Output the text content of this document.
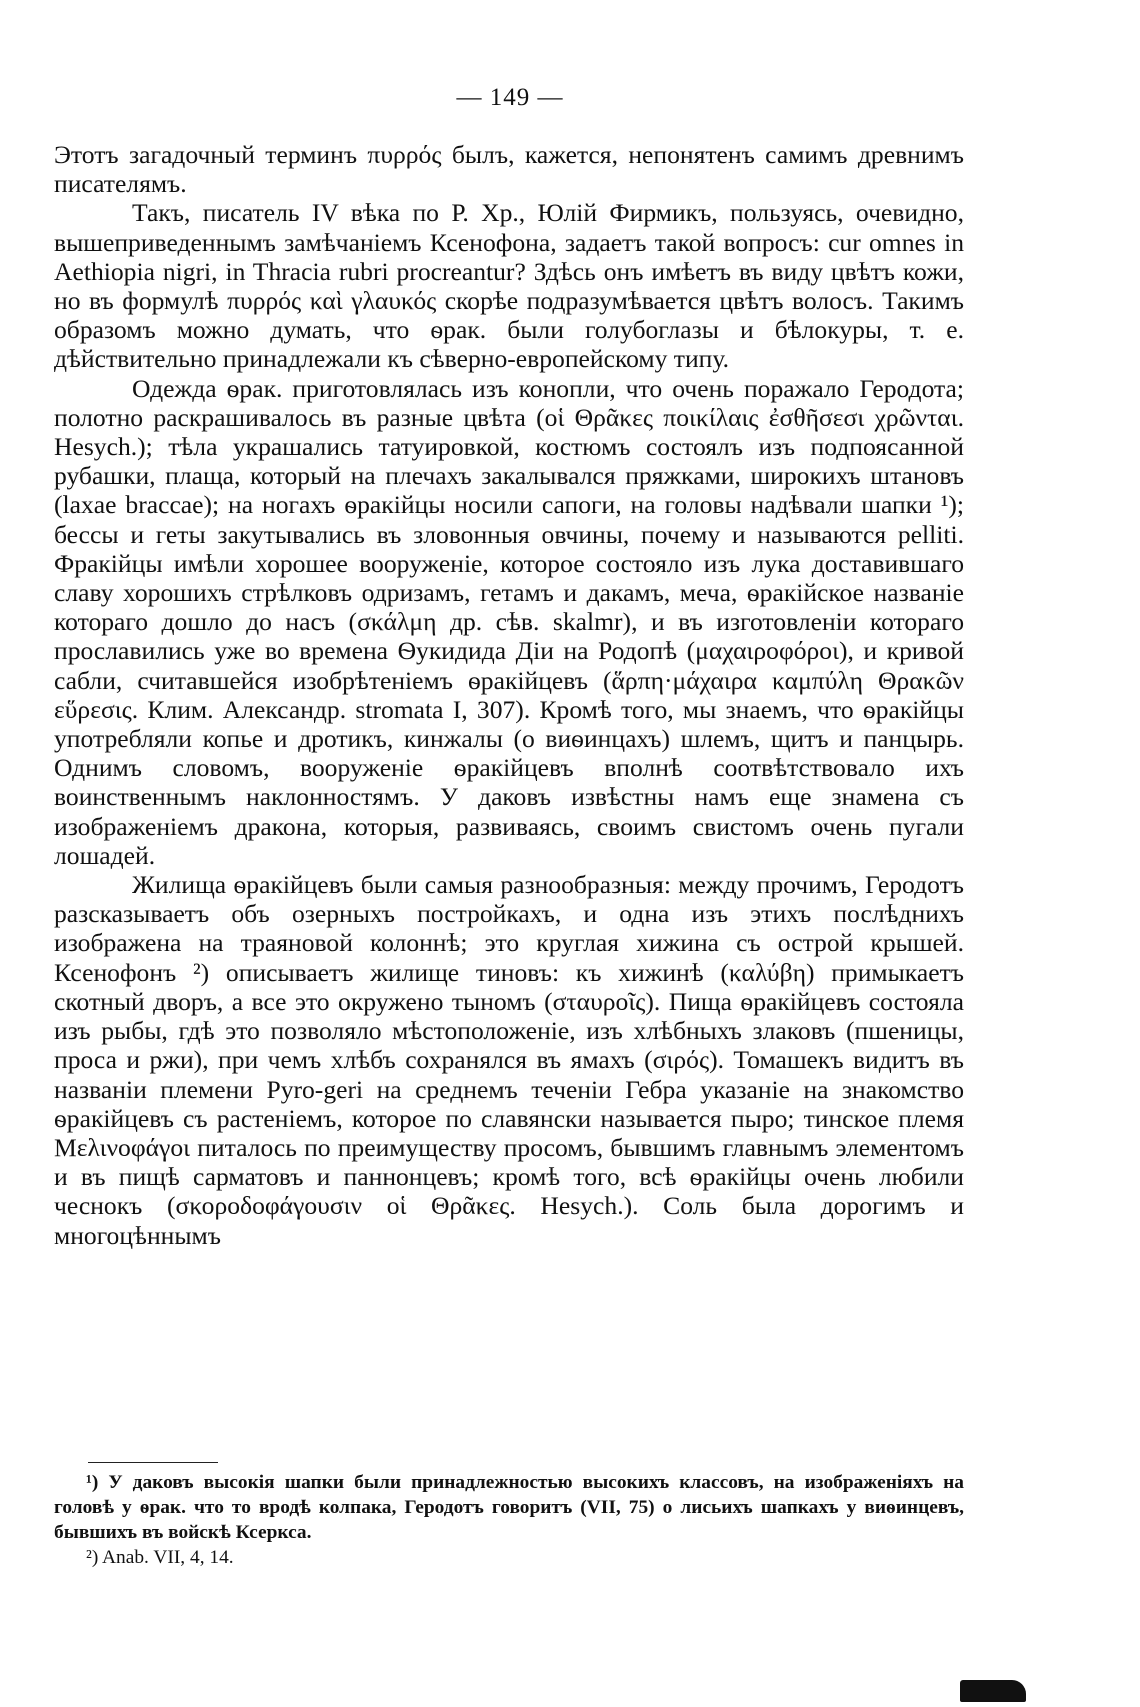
— 149 —

Этотъ загадочный терминъ πυρρός былъ, кажется, непонятенъ самимъ древнимъ писателямъ.

Такъ, писатель IV вѣка по Р. Хр., Юлій Фирмикъ, пользуясь, очевидно, вышеприведеннымъ замѣчаніемъ Ксенофона, задаетъ такой вопросъ: cur omnes in Aethiopia nigri, in Thracia rubri procreantur? Здѣсь онъ имѣетъ въ виду цвѣтъ кожи, но въ формулѣ πυρρός καὶ γλαυκός скорѣе подразумѣвается цвѣтъ волосъ. Такимъ образомъ можно думать, что ѳрак. были голубоглазы и бѣлокуры, т. е. дѣйствительно принадлежали къ сѣверно-европейскому типу.

Одежда ѳрак. приготовлялась изъ конопли, что очень поражало Геродота; полотно раскрашивалось въ разные цвѣта (οἱ Θρᾶκες ποικίλαις ἐσθῆσεσι χρῶνται. Hesych.); тѣла украшались татуировкой, костюмъ состоялъ изъ подпоясанной рубашки, плаща, который на плечахъ закалывался пряжками, широкихъ штановъ (laxae braccae); на ногахъ ѳракійцы носили сапоги, на головы надѣвали шапки ¹); бессы и геты закутывались въ зловонныя овчины, почему и называются pelliti. Фракійцы имѣли хорошее вооруженіе, которое состояло изъ лука доставившаго славу хорошихъ стрѣлковъ одризамъ, гетамъ и дакамъ, меча, ѳракійское названіе котораго дошло до насъ (σκάλμη др. сѣв. skalmr), и въ изготовленіи котораго прославились уже во времена Ѳукидида Діи на Родопѣ (μαχαιροφόροι), и кривой сабли, считавшейся изобрѣтеніемъ ѳракійцевъ (ἅρπη·μάχαιρα καμπύλη Θρακῶν εὕρεσις. Клим. Александр. stromata I, 307). Кромѣ того, мы знаемъ, что ѳракійцы употребляли копье и дротикъ, кинжалы (о виѳинцахъ) шлемъ, щитъ и панцырь. Однимъ словомъ, вооруженіе ѳракійцевъ вполнѣ соотвѣтствовало ихъ воинственнымъ наклонностямъ. У даковъ извѣстны намъ еще знамена съ изображеніемъ дракона, которыя, развиваясь, своимъ свистомъ очень пугали лошадей.

Жилища ѳракійцевъ были самыя разнообразныя: между прочимъ, Геродотъ разсказываетъ объ озерныхъ постройкахъ, и одна изъ этихъ послѣднихъ изображена на траяновой колоннѣ; это круглая хижина съ острой крышей. Ксенофонъ ²) описываетъ жилище тиновъ: къ хижинѣ (καλύβη) примыкаетъ скотный дворъ, а все это окружено тыномъ (σταυροῖς). Пища ѳракійцевъ состояла изъ рыбы, гдѣ это позволяло мѣстоположеніе, изъ хлѣбныхъ злаковъ (пшеницы, проса и ржи), при чемъ хлѣбъ сохранялся въ ямахъ (σιρός). Томашекъ видитъ въ названіи племени Pyro-geri на среднемъ теченіи Гебра указаніе на знакомство ѳракійцевъ съ растеніемъ, которое по славянски называется пыро; тинское племя Μελινοφάγοι питалось по преимуществу просомъ, бывшимъ главнымъ элементомъ и въ пищѣ сарматовъ и паннонцевъ; кромѣ того, всѣ ѳракійцы очень любили чеснокъ (σκοροδοφάγουσιν οἱ Θρᾶκες. Hesych.). Соль была дорогимъ и многоцѣннымъ

¹) У даковъ высокія шапки были принадлежностью высокихъ классовъ, на изображеніяхъ на головѣ у ѳрак. что то вродѣ колпака, Геродотъ говоритъ (VII, 75) о лисьихъ шапкахъ у виѳинцевъ, бывшихъ въ войскѣ Ксеркса.

²) Anab. VII, 4, 14.
